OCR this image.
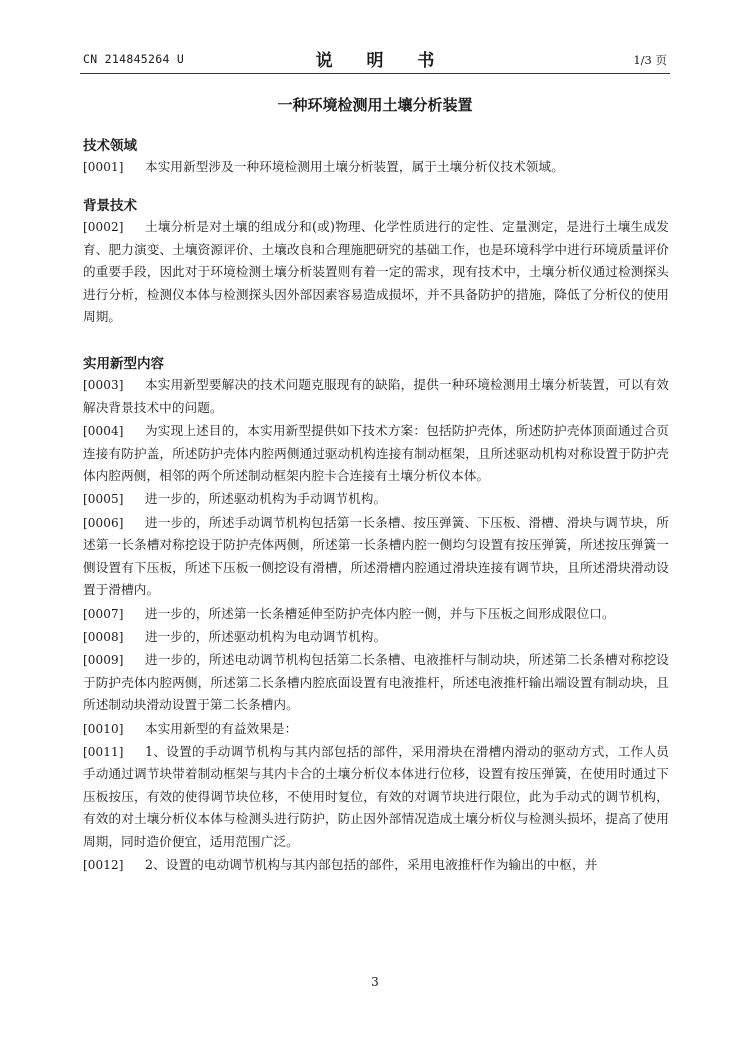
CN 214845264 U	说 明 书	1/3 页
一种环境检测用土壤分析装置
技术领域

[0001] 本实用新型涉及一种环境检测用土壤分析装置，属于土壤分析仪技术领域。

背景技术

[0002] 土壤分析是对土壤的组成分和(或)物理、化学性质进行的定性、定量测定，是进行土壤生成发育、肥力演变、土壤资源评价、土壤改良和合理施肥研究的基础工作，也是环境科学中进行环境质量评价的重要手段，因此对于环境检测土壤分析装置则有着一定的需求，现有技术中，土壤分析仪通过检测探头进行分析，检测仪本体与检测探头因外部因素容易造成损坏，并不具备防护的措施，降低了分析仪的使用周期。

实用新型内容

[0003] 本实用新型要解决的技术问题克服现有的缺陷，提供一种环境检测用土壤分析装置，可以有效解决背景技术中的问题。

[0004] 为实现上述目的，本实用新型提供如下技术方案：包括防护壳体，所述防护壳体顶面通过合页连接有防护盖，所述防护壳体内腔两侧通过驱动机构连接有制动框架，且所述驱动机构对称设置于防护壳体内腔两侧，相邻的两个所述制动框架内腔卡合连接有土壤分析仪本体。

[0005] 进一步的，所述驱动机构为手动调节机构。

[0006] 进一步的，所述手动调节机构包括第一长条槽、按压弹簧、下压板、滑槽、滑块与调节块，所述第一长条槽对称挖设于防护壳体两侧，所述第一长条槽内腔一侧均匀设置有按压弹簧，所述按压弹簧一侧设置有下压板，所述下压板一侧挖设有滑槽，所述滑槽内腔通过滑块连接有调节块，且所述滑块滑动设置于滑槽内。

[0007] 进一步的，所述第一长条槽延伸至防护壳体内腔一侧，并与下压板之间形成限位口。

[0008] 进一步的，所述驱动机构为电动调节机构。

[0009] 进一步的，所述电动调节机构包括第二长条槽、电液推杆与制动块，所述第二长条槽对称挖设于防护壳体内腔两侧，所述第二长条槽内腔底面设置有电液推杆，所述电液推杆输出端设置有制动块，且所述制动块滑动设置于第二长条槽内。

[0010] 本实用新型的有益效果是：

[0011] 1、设置的手动调节机构与其内部包括的部件，采用滑块在滑槽内滑动的驱动方式，工作人员手动通过调节块带着制动框架与其内卡合的土壤分析仪本体进行位移，设置有按压弹簧，在使用时通过下压板按压，有效的使得调节块位移，不使用时复位，有效的对调节块进行限位，此为手动式的调节机构，有效的对土壤分析仪本体与检测头进行防护，防止因外部情况造成土壤分析仪与检测头损坏，提高了使用周期，同时造价便宜，适用范围广泛。

[0012] 2、设置的电动调节机构与其内部包括的部件，采用电液推杆作为输出的中枢，并

3
